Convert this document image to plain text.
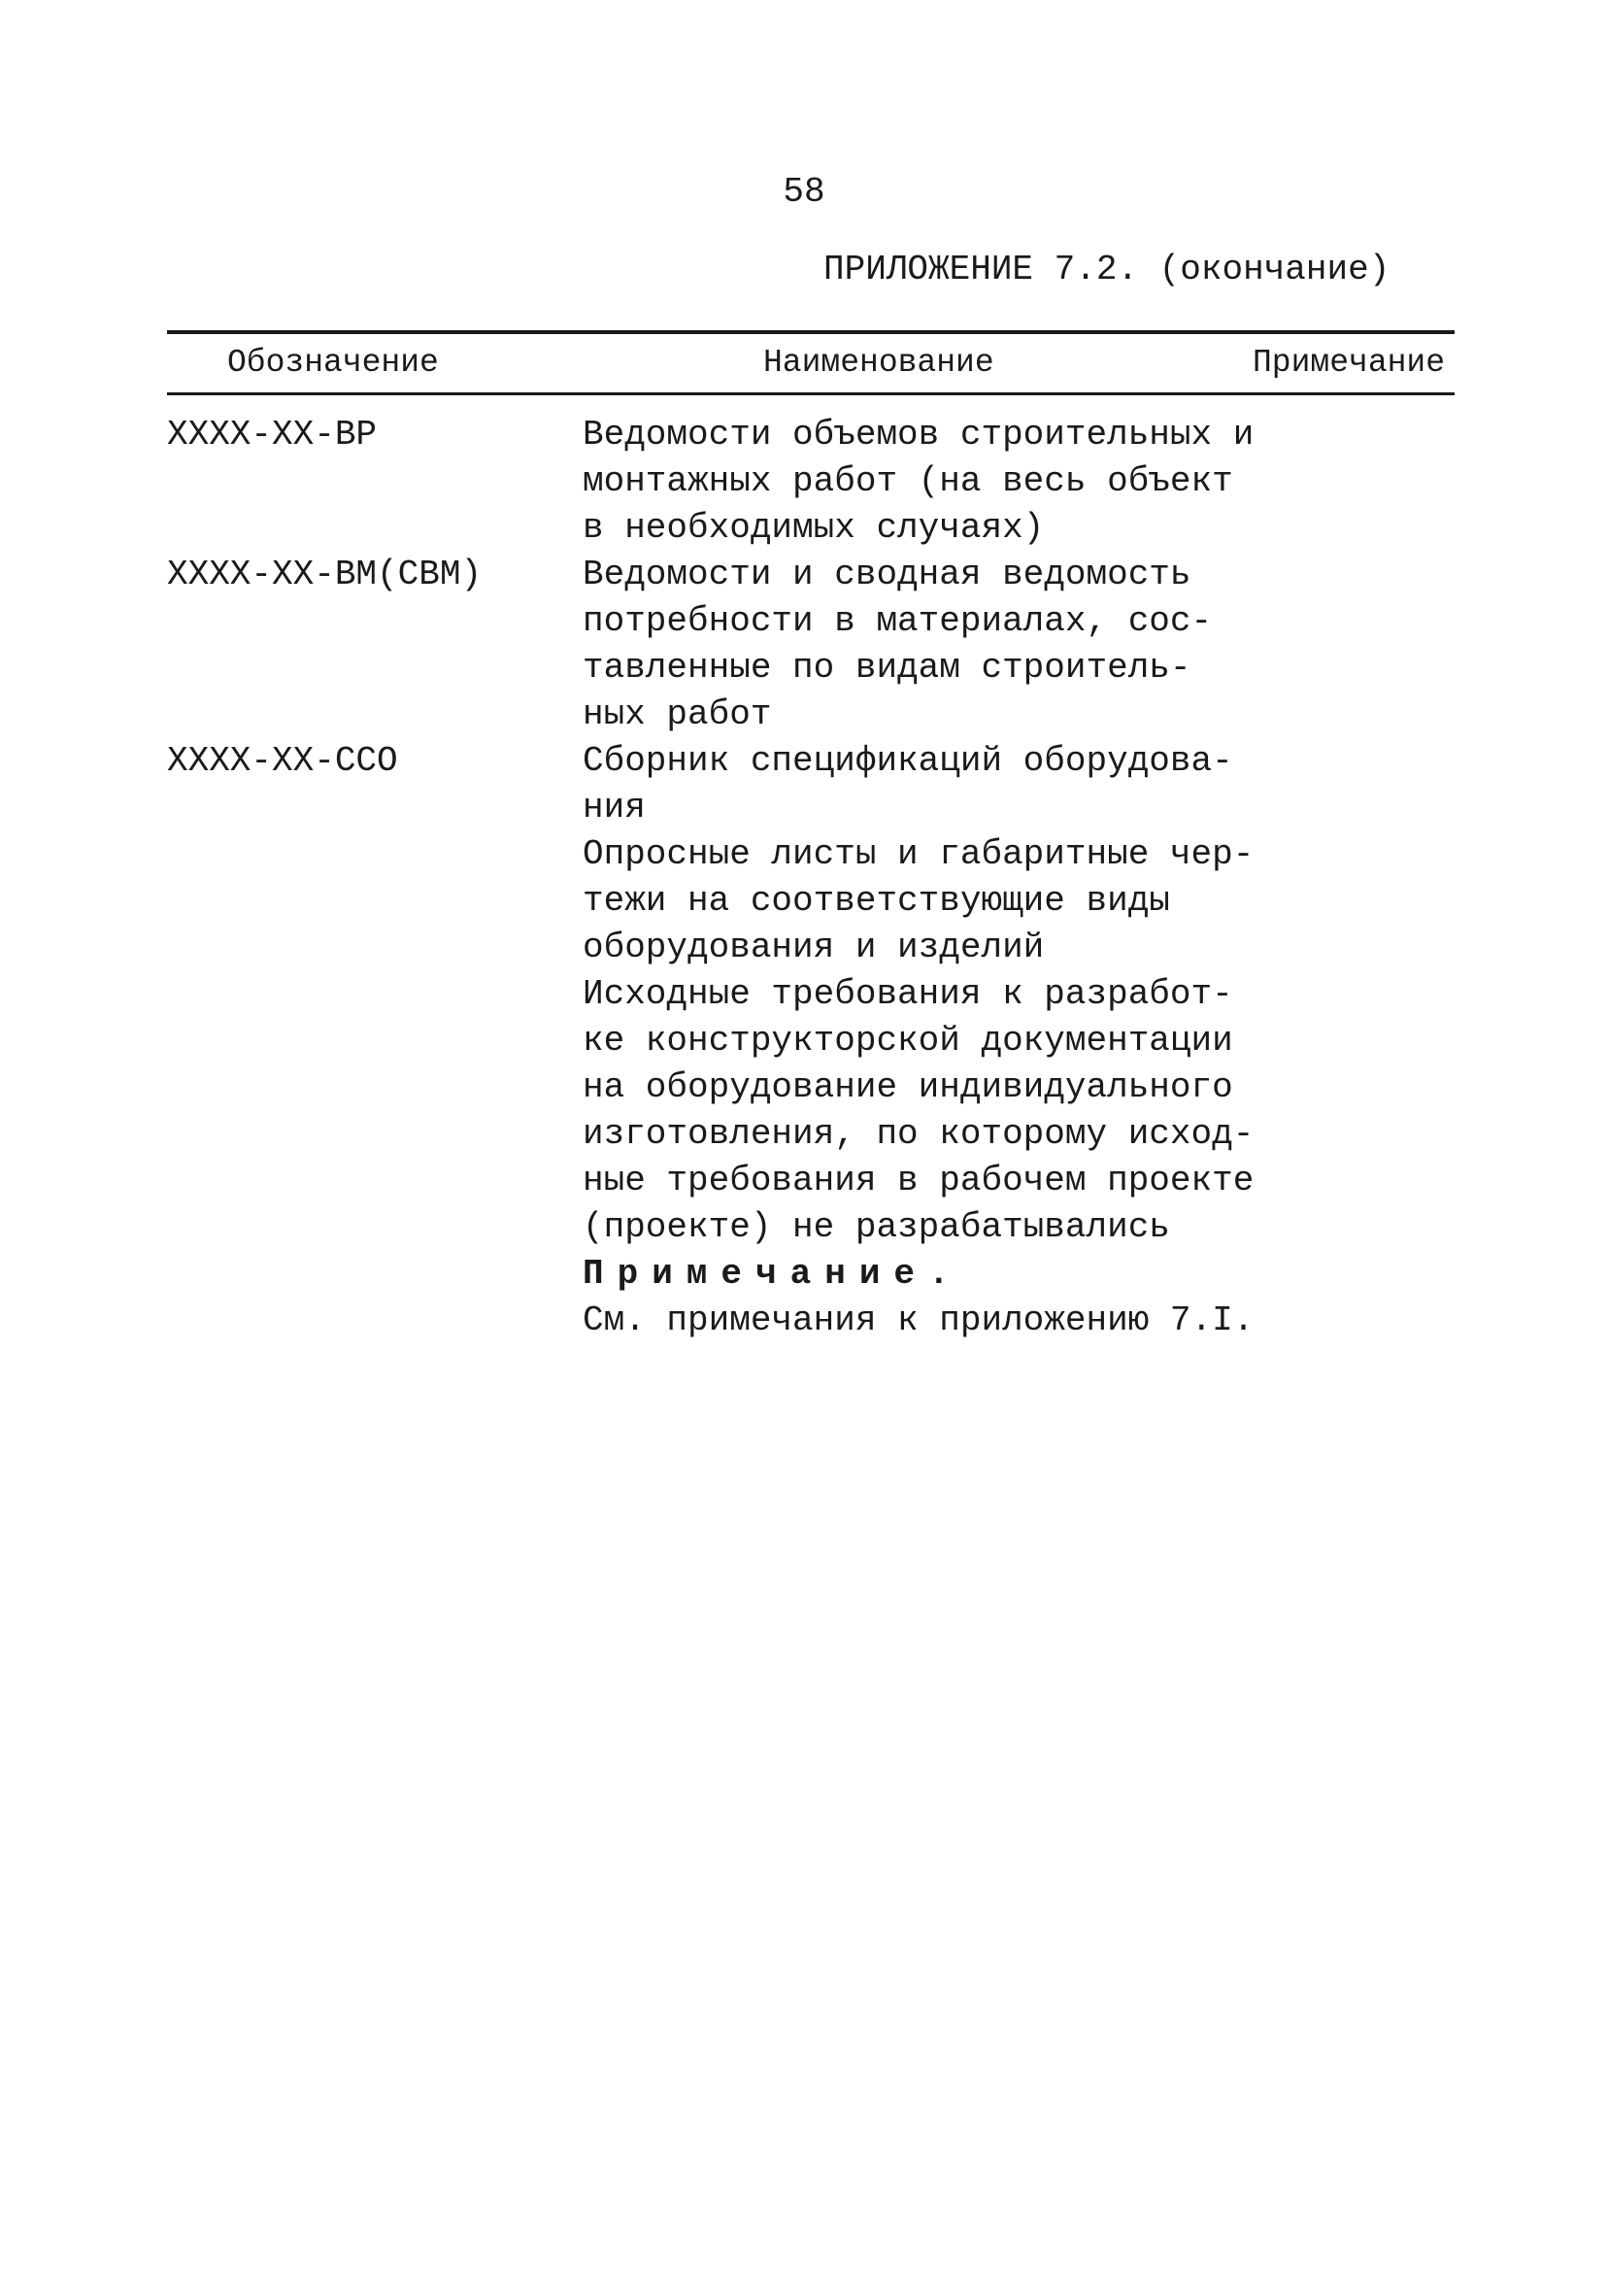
58
ПРИЛОЖЕНИЕ 7.2. (окончание)
Обозначение	Наименование	Примечание
XXXX-XX-ВР
XXXX-XX-ВМ(СВМ)
XXXX-XX-ССО
Ведомости объемов строительных и
монтажных работ (на весь объект
в необходимых случаях)
Ведомости и сводная ведомость
потребности в материалах, сос-
тавленные по видам строитель-
ных работ
Сборник спецификаций оборудова-
ния
Опросные листы и габаритные чер-
тежи на соответствующие виды
оборудования и изделий
Исходные требования к разработ-
ке конструкторской документации
на оборудование индивидуального
изготовления, по которому исход-
ные требования в рабочем проекте
(проекте) не разрабатывались
Примечание.
См. примечания к приложению 7.I.
